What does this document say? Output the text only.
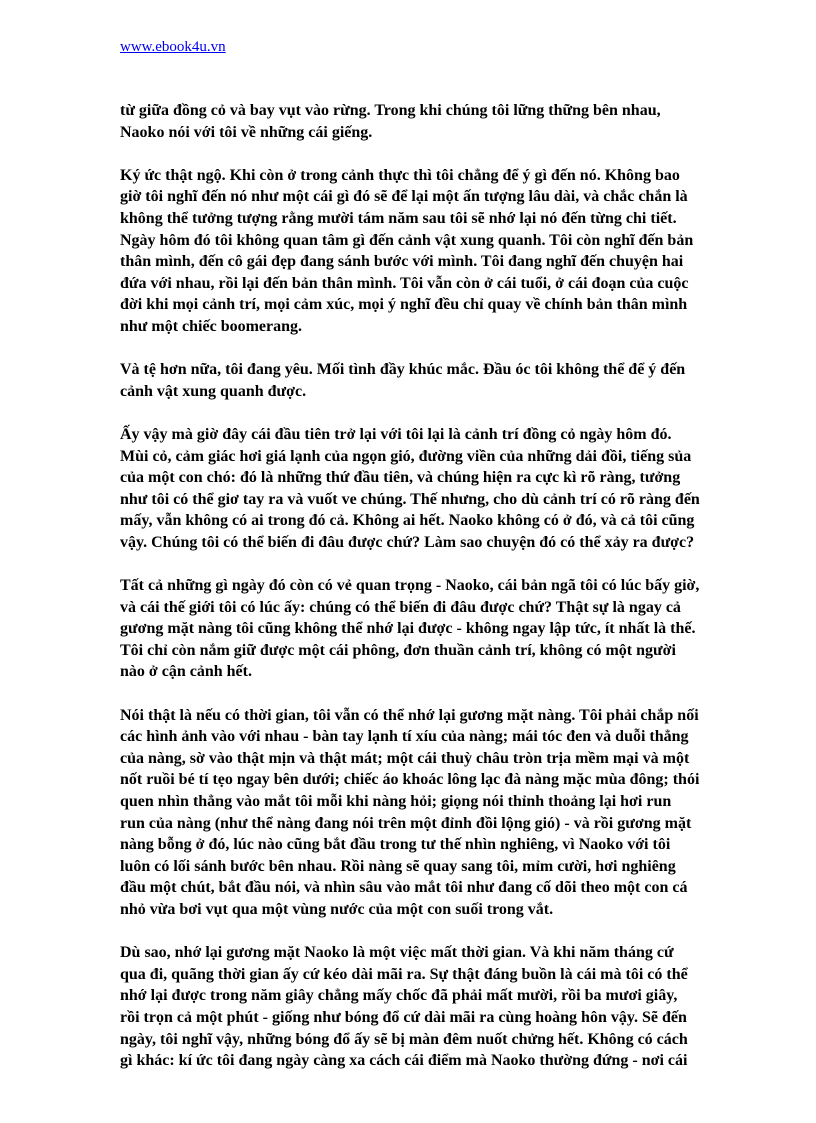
www.ebook4u.vn

từ giữa đồng cỏ và bay vụt vào rừng. Trong khi chúng tôi lững thững bên nhau, Naoko nói với tôi về những cái giếng.

Ký ức thật ngộ. Khi còn ở trong cảnh thực thì tôi chẳng để ý gì đến nó. Không bao giờ tôi nghĩ đến nó như một cái gì đó sẽ để lại một ấn tượng lâu dài, và chắc chắn là không thể tưởng tượng rằng mười tám năm sau tôi sẽ nhớ lại nó đến từng chi tiết. Ngày hôm đó tôi không quan tâm gì đến cảnh vật xung quanh. Tôi còn nghĩ đến bản thân mình, đến cô gái đẹp đang sánh bước với mình. Tôi đang nghĩ đến chuyện hai đứa với nhau, rồi lại đến bản thân mình. Tôi vẫn còn ở cái tuổi, ở cái đoạn của cuộc đời khi mọi cảnh trí, mọi cảm xúc, mọi ý nghĩ đều chỉ quay về chính bản thân mình như một chiếc boomerang.

Và tệ hơn nữa, tôi đang yêu. Mối tình đầy khúc mắc. Đầu óc tôi không thể để ý đến cảnh vật xung quanh được.

Ấy vậy mà giờ đây cái đầu tiên trở lại với tôi lại là cảnh trí đồng cỏ ngày hôm đó. Mùi cỏ, cảm giác hơi giá lạnh của ngọn gió, đường viền của những dải đồi, tiếng sủa của một con chó: đó là những thứ đầu tiên, và chúng hiện ra cực kì rõ ràng, tưởng như tôi có thể giơ tay ra và vuốt ve chúng. Thế nhưng, cho dù cảnh trí có rõ ràng đến mấy, vẫn không có ai trong đó cả. Không ai hết. Naoko không có ở đó, và cả tôi cũng vậy. Chúng tôi có thể biến đi đâu được chứ? Làm sao chuyện đó có thể xảy ra được?

Tất cả những gì ngày đó còn có vẻ quan trọng - Naoko, cái bản ngã tôi có lúc bấy giờ, và cái thế giới tôi có lúc ấy: chúng có thể biến đi đâu được chứ? Thật sự là ngay cả gương mặt nàng tôi cũng không thể nhớ lại được - không ngay lập tức, ít nhất là thế. Tôi chỉ còn nắm giữ được một cái phông, đơn thuần cảnh trí, không có một người nào ở cận cảnh hết.

Nói thật là nếu có thời gian, tôi vẫn có thể nhớ lại gương mặt nàng. Tôi phải chắp nối các hình ảnh vào với nhau - bàn tay lạnh tí xíu của nàng; mái tóc đen và duỗi thẳng của nàng, sờ vào thật mịn và thật mát; một cái thuỳ châu tròn trịa mềm mại và một nốt ruồi bé tí tẹo ngay bên dưới; chiếc áo khoác lông lạc đà nàng mặc mùa đông; thói quen nhìn thẳng vào mắt tôi mỗi khi nàng hỏi; giọng nói thỉnh thoảng lại hơi run run của nàng (như thể nàng đang nói trên một đỉnh đồi lộng gió) - và rồi gương mặt nàng bỗng ở đó, lúc nào cũng bắt đầu trong tư thế nhìn nghiêng, vì Naoko với tôi luôn có lối sánh bước bên nhau. Rồi nàng sẽ quay sang tôi, mỉm cười, hơi nghiêng đầu một chút, bắt đầu nói, và nhìn sâu vào mắt tôi như đang cố dõi theo một con cá nhỏ vừa bơi vụt qua một vùng nước của một con suối trong vắt.

Dù sao, nhớ lại gương mặt Naoko là một việc mất thời gian. Và khi năm tháng cứ qua đi, quãng thời gian ấy cứ kéo dài mãi ra. Sự thật đáng buồn là cái mà tôi có thể nhớ lại được trong năm giây chẳng mấy chốc đã phải mất mười, rồi ba mươi giây, rồi trọn cả một phút - giống như bóng đổ cứ dài mãi ra cùng hoàng hôn vậy. Sẽ đến ngày, tôi nghĩ vậy, những bóng đổ ấy sẽ bị màn đêm nuốt chửng hết. Không có cách gì khác: kí ức tôi đang ngày càng xa cách cái điểm mà Naoko thường đứng - nơi cái
